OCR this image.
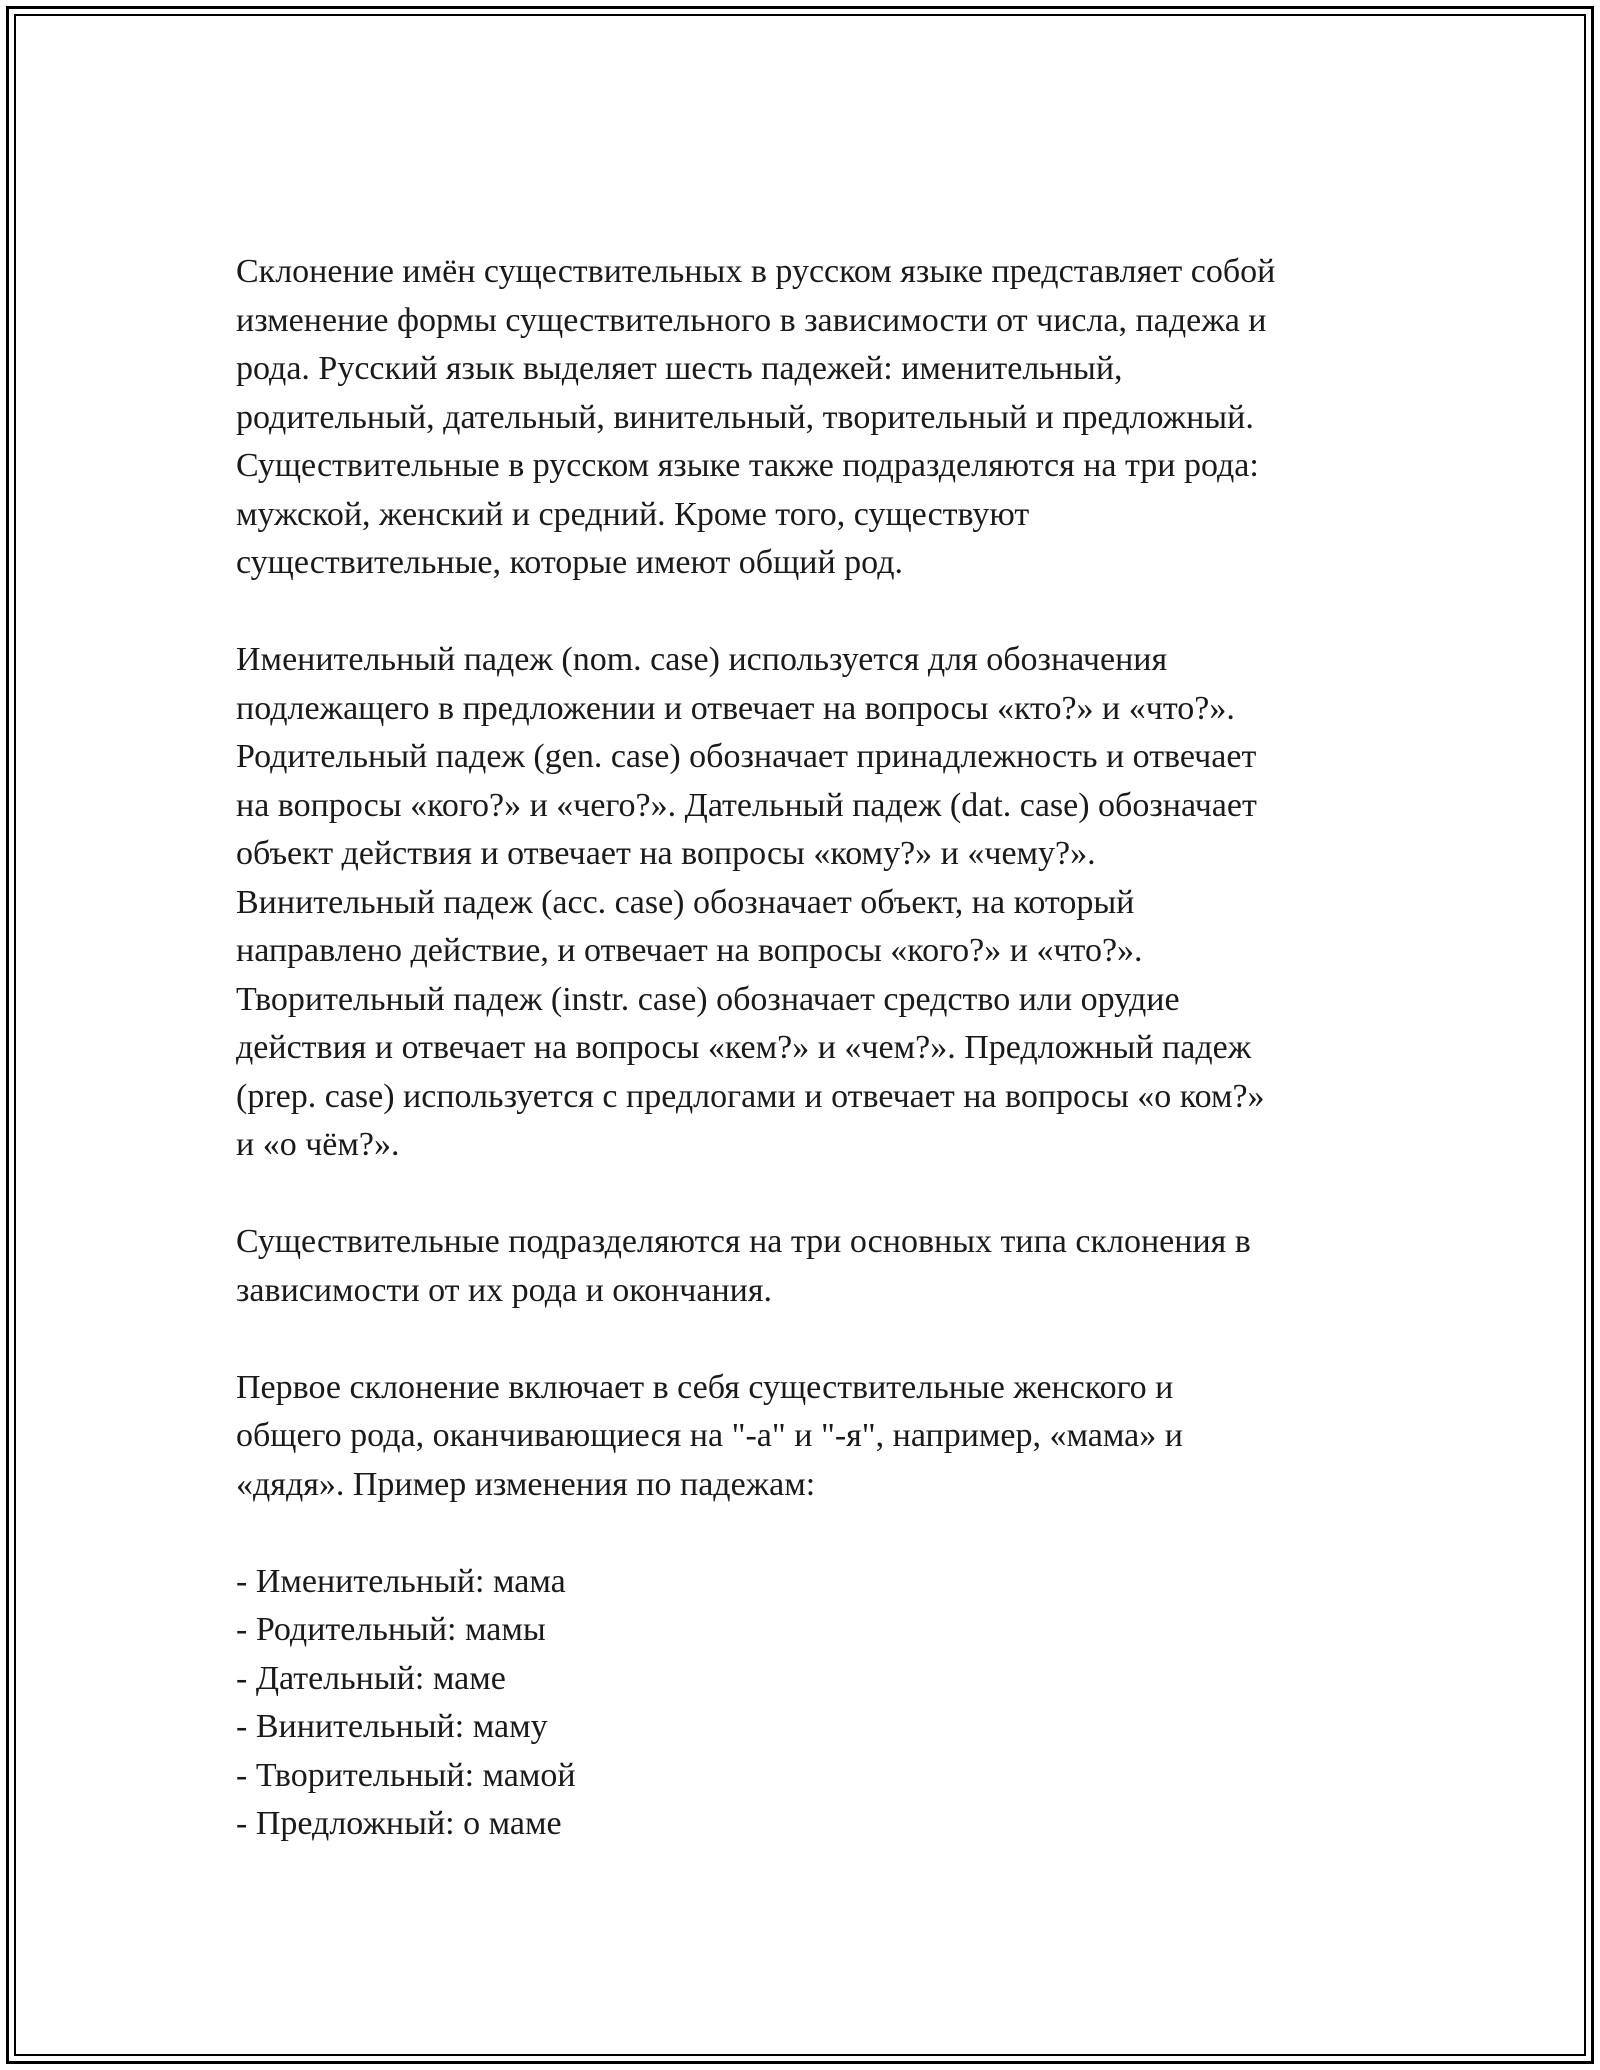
Склонение имён существительных в русском языке представляет собой
изменение формы существительного в зависимости от числа, падежа и
рода. Русский язык выделяет шесть падежей: именительный,
родительный, дательный, винительный, творительный и предложный.
Существительные в русском языке также подразделяются на три рода:
мужской, женский и средний. Кроме того, существуют
существительные, которые имеют общий род.

Именительный падеж (nom. case) используется для обозначения
подлежащего в предложении и отвечает на вопросы «кто?» и «что?».
Родительный падеж (gen. case) обозначает принадлежность и отвечает
на вопросы «кого?» и «чего?». Дательный падеж (dat. case) обозначает
объект действия и отвечает на вопросы «кому?» и «чему?».
Винительный падеж (acc. case) обозначает объект, на который
направлено действие, и отвечает на вопросы «кого?» и «что?».
Творительный падеж (instr. case) обозначает средство или орудие
действия и отвечает на вопросы «кем?» и «чем?». Предложный падеж
(prep. case) используется с предлогами и отвечает на вопросы «о ком?»
и «о чём?».

Существительные подразделяются на три основных типа склонения в
зависимости от их рода и окончания.

Первое склонение включает в себя существительные женского и
общего рода, оканчивающиеся на "-а" и "-я", например, «мама» и
«дядя». Пример изменения по падежам:

- Именительный: мама
- Родительный: мамы
- Дательный: маме
- Винительный: маму
- Творительный: мамой
- Предложный: о маме
